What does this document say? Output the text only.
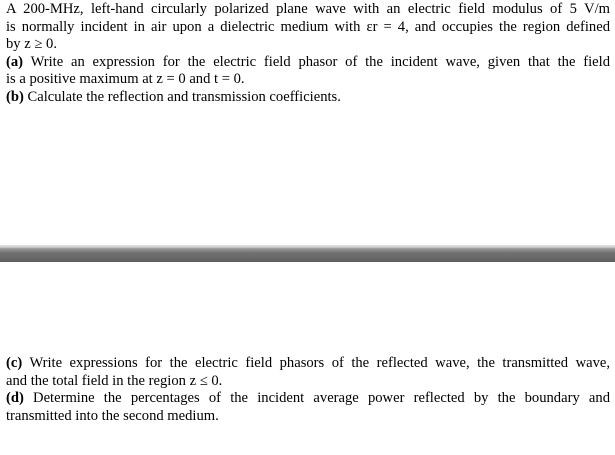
A 200-MHz, left-hand circularly polarized plane wave with an electric field modulus of 5 V/m
is normally incident in air upon a dielectric medium with εr = 4, and occupies the region defined
by z ≥ 0.
(a) Write an expression for the electric field phasor of the incident wave, given that the field
is a positive maximum at z = 0 and t = 0.
(b) Calculate the reflection and transmission coefficients.
(c) Write expressions for the electric field phasors of the reflected wave, the transmitted wave,
and the total field in the region z ≤ 0.
(d) Determine the percentages of the incident average power reflected by the boundary and
transmitted into the second medium.
